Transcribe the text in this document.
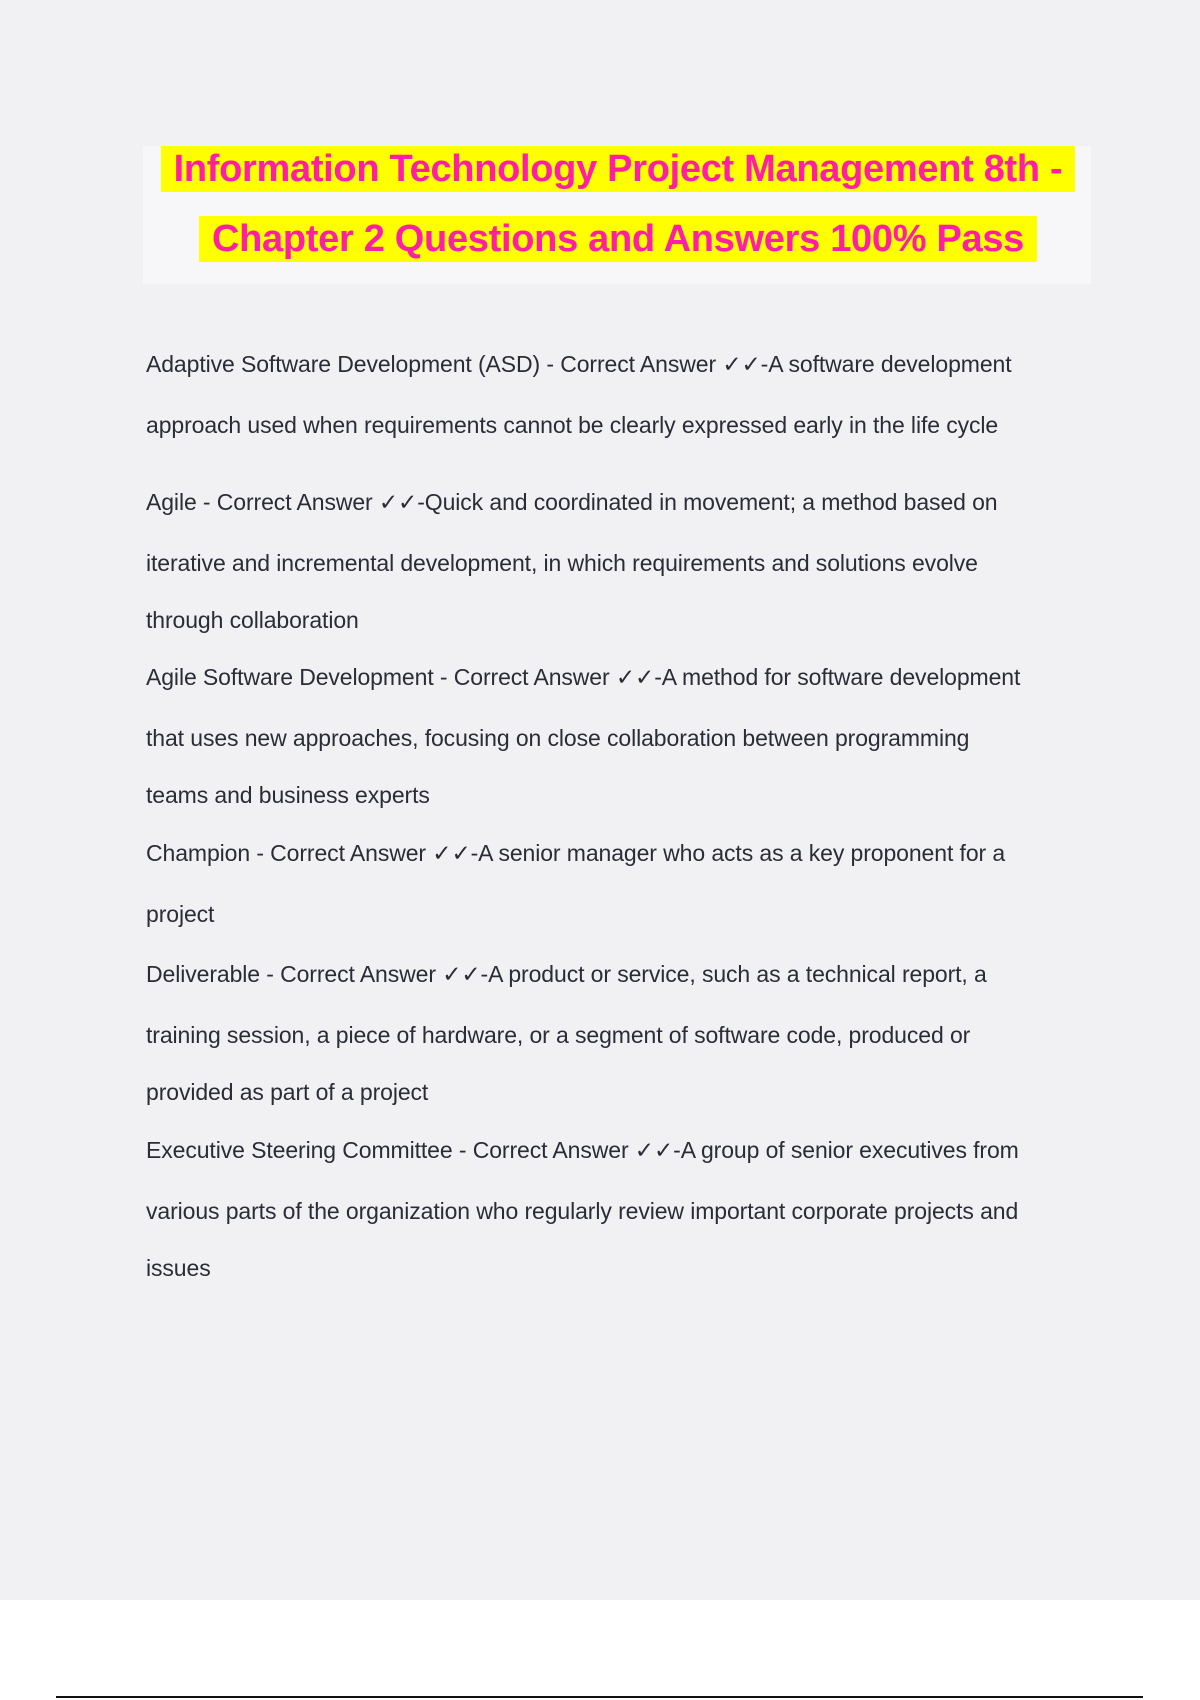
Information Technology Project Management 8th -
Chapter 2 Questions and Answers 100% Pass
Adaptive Software Development (ASD) - Correct Answer ✓✓-A software development
approach used when requirements cannot be clearly expressed early in the life cycle
Agile - Correct Answer ✓✓-Quick and coordinated in movement; a method based on
iterative and incremental development, in which requirements and solutions evolve
through collaboration
Agile Software Development - Correct Answer ✓✓-A method for software development
that uses new approaches, focusing on close collaboration between programming
teams and business experts
Champion - Correct Answer ✓✓-A senior manager who acts as a key proponent for a
project
Deliverable - Correct Answer ✓✓-A product or service, such as a technical report, a
training session, a piece of hardware, or a segment of software code, produced or
provided as part of a project
Executive Steering Committee - Correct Answer ✓✓-A group of senior executives from
various parts of the organization who regularly review important corporate projects and
issues
